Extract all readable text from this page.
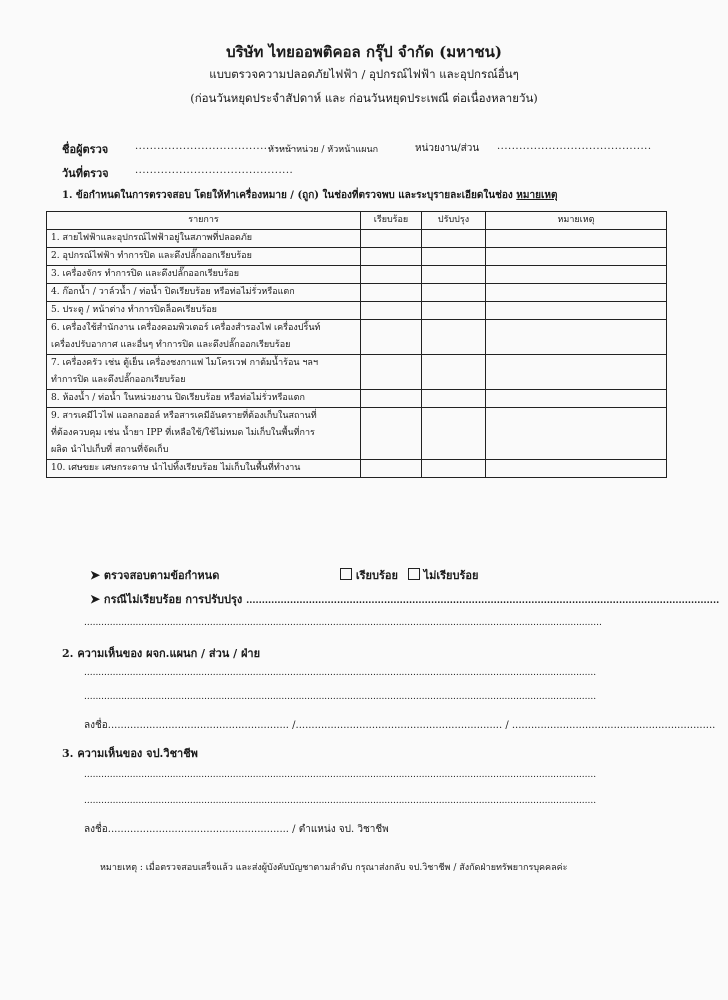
บริษัท ไทยออพติคอล กรุ๊ป จำกัด (มหาชน)
แบบตรวจความปลอดภัยไฟฟ้า / อุปกรณ์ไฟฟ้า และอุปกรณ์อื่นๆ
(ก่อนวันหยุดประจำสัปดาห์ และ ก่อนวันหยุดประเพณี ต่อเนื่องหลายวัน)
ชื่อผู้ตรวจ	............................................
หัวหน้าหน่วย / หัวหน้าแผนก	หน่วยงาน/ส่วน ..........................................
วันที่ตรวจ	...........................................
1. ข้อกำหนดในการตรวจสอบ โดยให้ทำเครื่องหมาย / (ถูก) ในช่องที่ตรวจพบ และระบุรายละเอียดในช่อง หมายเหตุ
รายการ	เรียบร้อย	ปรับปรุง	หมายเหตุ

1. สายไฟฟ้าและอุปกรณ์ไฟฟ้าอยู่ในสภาพที่ปลอดภัย			

2. อุปกรณ์ไฟฟ้า ทำการปิด และดึงปลั๊กออกเรียบร้อย			

3. เครื่องจักร ทำการปิด และดึงปลั๊กออกเรียบร้อย			

4. ก๊อกน้ำ / วาล์วน้ำ / ท่อน้ำ ปิดเรียบร้อย หรือท่อไม่รั่วหรือแตก			

5. ประตู / หน้าต่าง ทำการปิดล็อคเรียบร้อย			

6. เครื่องใช้สำนักงาน เครื่องคอมพิวเตอร์ เครื่องสำรองไฟ เครื่องปริ้นท์
เครื่องปรับอากาศ และอื่นๆ ทำการปิด และดึงปลั๊กออกเรียบร้อย			

7. เครื่องครัว เช่น ตู้เย็น เครื่องชงกาแฟ ไมโครเวฟ กาต้มน้ำร้อน ฯลฯ
ทำการปิด และดึงปลั๊กออกเรียบร้อย			

8. ห้องน้ำ / ท่อน้ำ ในหน่วยงาน ปิดเรียบร้อย หรือท่อไม่รั่วหรือแตก			

9. สารเคมีไวไฟ แอลกอฮอล์ หรือสารเคมีอันตรายที่ต้องเก็บในสถานที่
ที่ต้องควบคุม เช่น น้ำยา IPP ที่เหลือใช้/ใช้ไม่หมด ไม่เก็บในพื้นที่การ
ผลิต นำไปเก็บที่ สถานที่จัดเก็บ			

10. เศษขยะ เศษกระดาษ นำไปทิ้งเรียบร้อย ไม่เก็บในพื้นที่ทำงาน			

➤ ตรวจสอบตามข้อกำหนด	เรียบร้อย ไม่เรียบร้อย
➤ กรณีไม่เรียบร้อย การปรับปรุง .......................................................................................................................................................
.....................................................................................................................................................................................
2. ความเห็นของ ผจก.แผนก / ส่วน / ฝ่าย
...................................................................................................................................................................................
...................................................................................................................................................................................
ลงชื่อ......................................................... /................................................................. / ................................................................
3. ความเห็นของ จป.วิชาชีพ
...................................................................................................................................................................................
...................................................................................................................................................................................
ลงชื่อ......................................................... / ตำแหน่ง จป. วิชาชีพ
หมายเหตุ : เมื่อตรวจสอบเสร็จแล้ว และส่งผู้บังคับบัญชาตามลำดับ กรุณาส่งกลับ จป.วิชาชีพ / สังกัดฝ่ายทรัพยากรบุคคลค่ะ
